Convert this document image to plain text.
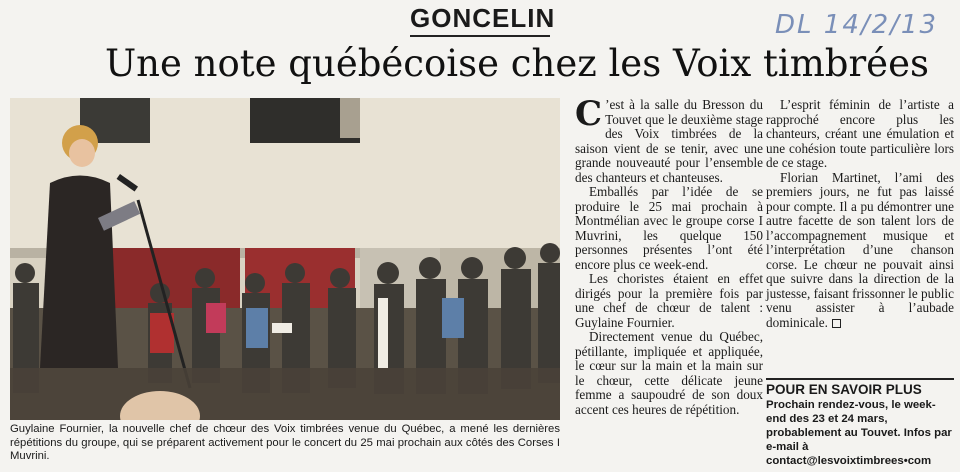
GONCELIN	DL 14/2/13
Une note québécoise chez les Voix timbrées
Guylaine Fournier, la nouvelle chef de chœur des Voix timbrées venue du Québec, a mené les dernières répétitions du groupe, qui se préparent activement pour le concert du 25 mai prochain aux côtés des Corses I Muvrini.

C ’est à la salle du Bresson du Touvet que le deuxième stage des Voix timbrées de la saison vient de se tenir, avec une grande nouveauté pour l’ensemble des chanteurs et chanteuses.

Emballés par l’idée de se produire le 25 mai prochain à Montmélian avec le groupe corse I Muvrini, les quelque 150 personnes présentes l’ont été encore plus ce week-end.

Les choristes étaient en effet dirigés pour la première fois par une chef de chœur de talent : Guylaine Fournier.

Directement venue du Québec, pétillante, impliquée et appliquée, le cœur sur la main et la main sur le chœur, cette délicate jeune femme a saupoudré de son doux accent ces heures de répétition.

L’esprit féminin de l’artiste a rapproché encore plus les chanteurs, créant une émulation et une cohésion toute particulière lors de ce stage.

Florian Martinet, l’ami des premiers jours, ne fut pas laissé pour compte. Il a pu démontrer une autre facette de son talent lors de l’accompagnement musique et l’interprétation d’une chanson corse. Le chœur ne pouvait ainsi que suivre dans la direction de la justesse, faisant frissonner le public venu assister à l’aubade dominicale.

POUR EN SAVOIR PLUS
Prochain rendez-vous, le week-end des 23 et 24 mars, probablement au Touvet. Infos par e-mail à contact@lesvoixtimbrees•com
